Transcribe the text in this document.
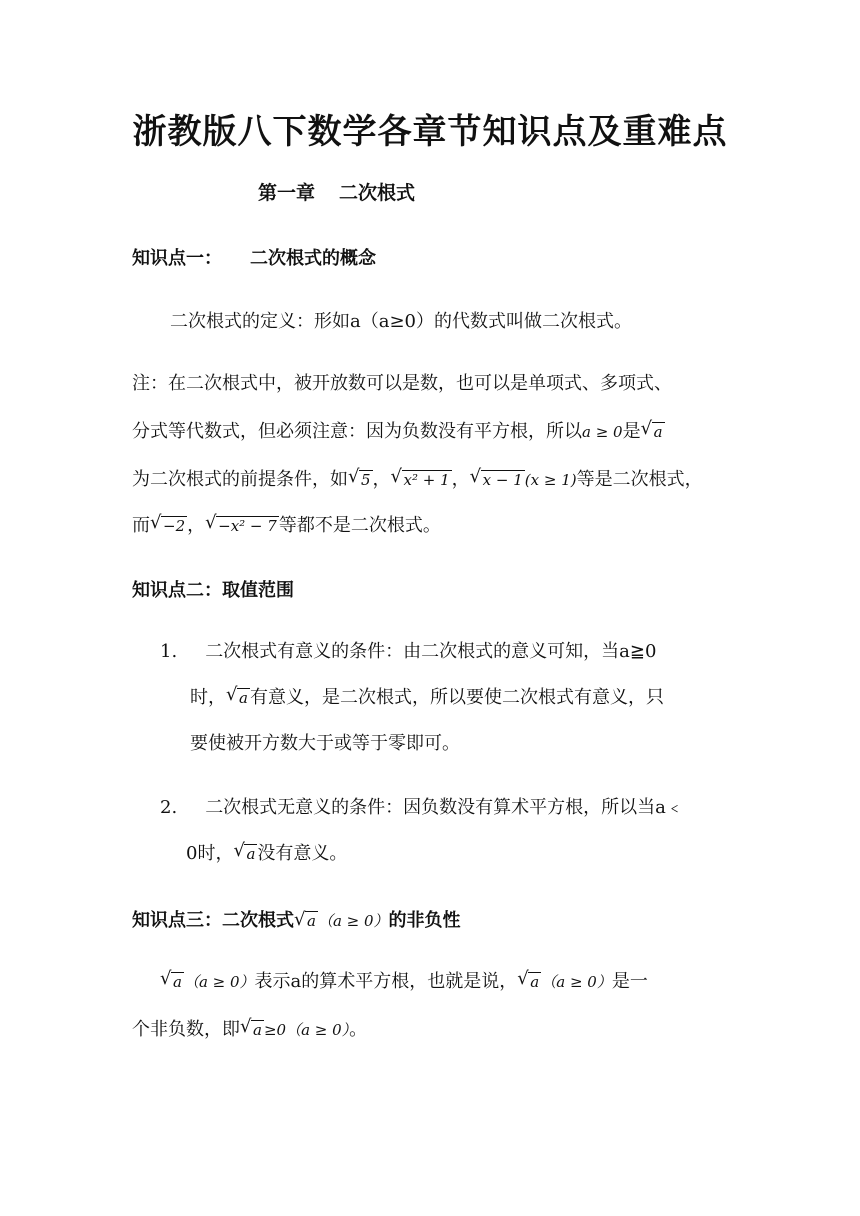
浙教版八下数学各章节知识点及重难点
第一章 二次根式
知识点一： 二次根式的概念
二次根式的定义：形如a（a≥0）的代数式叫做二次根式。
注：在二次根式中，被开放数可以是数，也可以是单项式、多项式、
分式等代数式，但必须注意：因为负数没有平方根，所以a ≥ 0是 √ a
为二次根式的前提条件，如 √ 5 ， √ x² + 1 ， √ x − 1 (x ≥ 1)等是二次根式，
而 √ −2 ， √ −x² − 7 等都不是二次根式。
知识点二：取值范围
1. 二次根式有意义的条件：由二次根式的意义可知，当a≧0
时， √ a 有意义，是二次根式，所以要使二次根式有意义，只
要使被开方数大于或等于零即可。
2. 二次根式无意义的条件：因负数没有算术平方根，所以当a﹤
0时， √ a 没有意义。
知识点三：二次根式 √ a （a ≥ 0）的非负性
√ a （a ≥ 0）表示a的算术平方根，也就是说， √ a （a ≥ 0）是一
个非负数，即 √ a ≥0（a ≥ 0）。
